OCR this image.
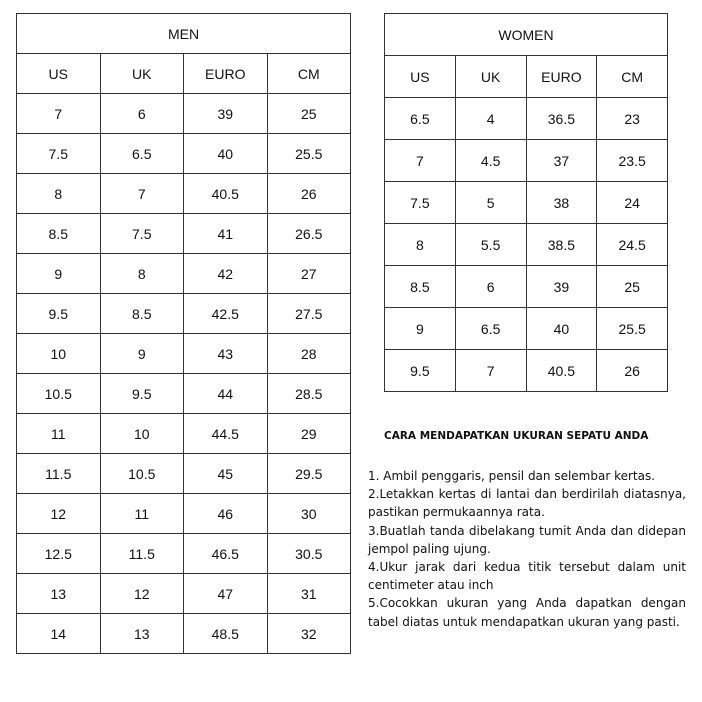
MEN			
US	UK	EURO	CM
7	6	39	25
7.5	6.5	40	25.5
8	7	40.5	26
8.5	7.5	41	26.5
9	8	42	27
9.5	8.5	42.5	27.5
10	9	43	28
10.5	9.5	44	28.5
11	10	44.5	29
11.5	10.5	45	29.5
12	11	46	30
12.5	11.5	46.5	30.5
13	12	47	31
14	13	48.5	32
WOMEN			
US	UK	EURO	CM
6.5	4	36.5	23
7	4.5	37	23.5
7.5	5	38	24
8	5.5	38.5	24.5
8.5	6	39	25
9	6.5	40	25.5
9.5	7	40.5	26
CARA MENDAPATKAN UKURAN SEPATU ANDA

1. Ambil penggaris, pensil dan selembar kertas.

2.Letakkan kertas di lantai dan berdirilah diatasnya, pastikan permukaannya rata.

3.Buatlah tanda dibelakang tumit Anda dan didepan jempol paling ujung.

4.Ukur jarak dari kedua titik tersebut dalam unit centimeter atau inch

5.Cocokkan ukuran yang Anda dapatkan dengan tabel diatas untuk mendapatkan ukuran yang pasti.
